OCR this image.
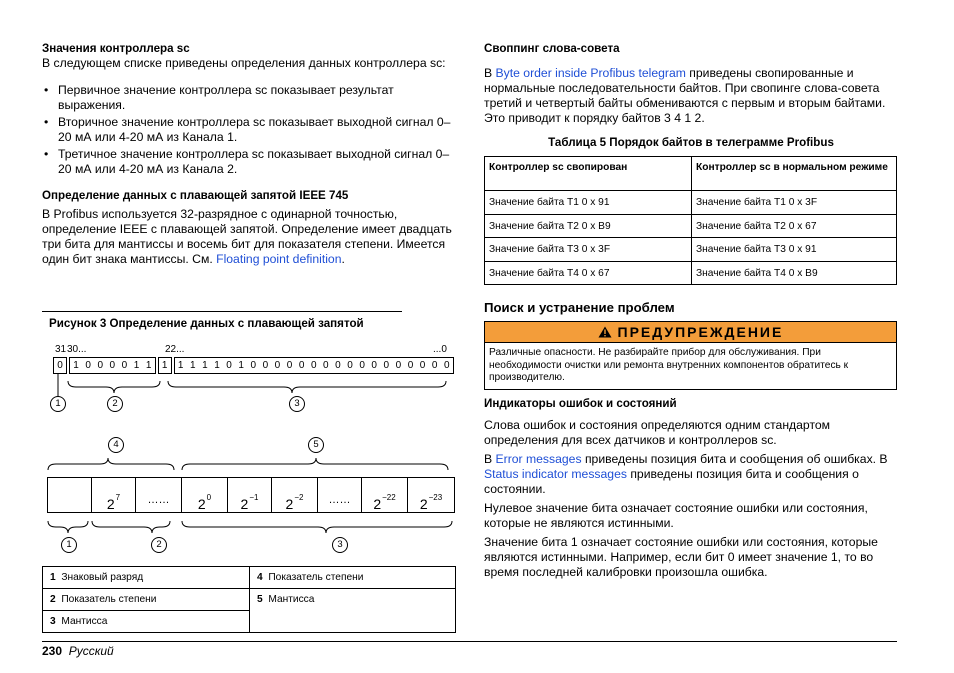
Значения контроллера sc

В следующем списке приведены определения данных контроллера sc:

• Первичное значение контроллера sc показывает результат выражения.
• Вторичное значение контроллера sc показывает выходной сигнал 0–20 мА или 4-20 мА из Канала 1.
• Третичное значение контроллера sc показывает выходной сигнал 0–20 мА или 4-20 мА из Канала 2.
Определение данных с плавающей запятой IEEE 745

В Profibus используется 32-разрядное с одинарной точностью, определение IEEE с плавающей запятой. Определение имеет двадцать три бита для мантиссы и восемь бит для показателя степени. Имеется один бит знака мантиссы. См. Floating point definition.

Рисунок 3 Определение данных с плавающей запятой
31 30...	22...	...0
0	1 0 0 0 0 1 1	1	1 1 1 1 0 1 0 0 0 0 0 0 0 0 0 0 0 0 0 0 0 0 0
1	2	3
4	5
$2^7$	……	$2^0$	$2^{-1}$	$2^{-2}$	……	$2^{-22}$	$2^{-23}$
1	2	3
1 Знаковый разряд	4 Показатель степени
2 Показатель степени	5 Мантисса
3 Мантисса	
Своппинг слова-совета

В Byte order inside Profibus telegram приведены свопированные и нормальные последовательности байтов. При свопинге слова-совета третий и четвертый байты обмениваются с первым и вторым байтами. Это приводит к порядку байтов 3 4 1 2.

Таблица 5 Порядок байтов в телеграмме Profibus
Контроллер sc свопирован	Контроллер sc в нормальном режиме
Значение байта T1 0 x 91	Значение байта T1 0 x 3F
Значение байта T2 0 x B9	Значение байта T2 0 x 67
Значение байта T3 0 x 3F	Значение байта T3 0 x 91
Значение байта T4 0 x 67	Значение байта T4 0 x B9
Поиск и устранение проблем
ПРЕДУПРЕЖДЕНИЕ
Различные опасности. Не разбирайте прибор для обслуживания. При необходимости очистки или ремонта внутренних компонентов обратитесь к производителю.
Индикаторы ошибок и состояний

Слова ошибок и состояния определяются одним стандартом определения для всех датчиков и контроллеров sc.

В Error messages приведены позиция бита и сообщения об ошибках. В Status indicator messages приведены позиция бита и сообщения о состоянии.

Нулевое значение бита означает состояние ошибки или состояния, которые не являются истинными.

Значение бита 1 означает состояние ошибки или состояния, которые являются истинными. Например, если бит 0 имеет значение 1, то во время последней калибровки произошла ошибка.

230 Русский
